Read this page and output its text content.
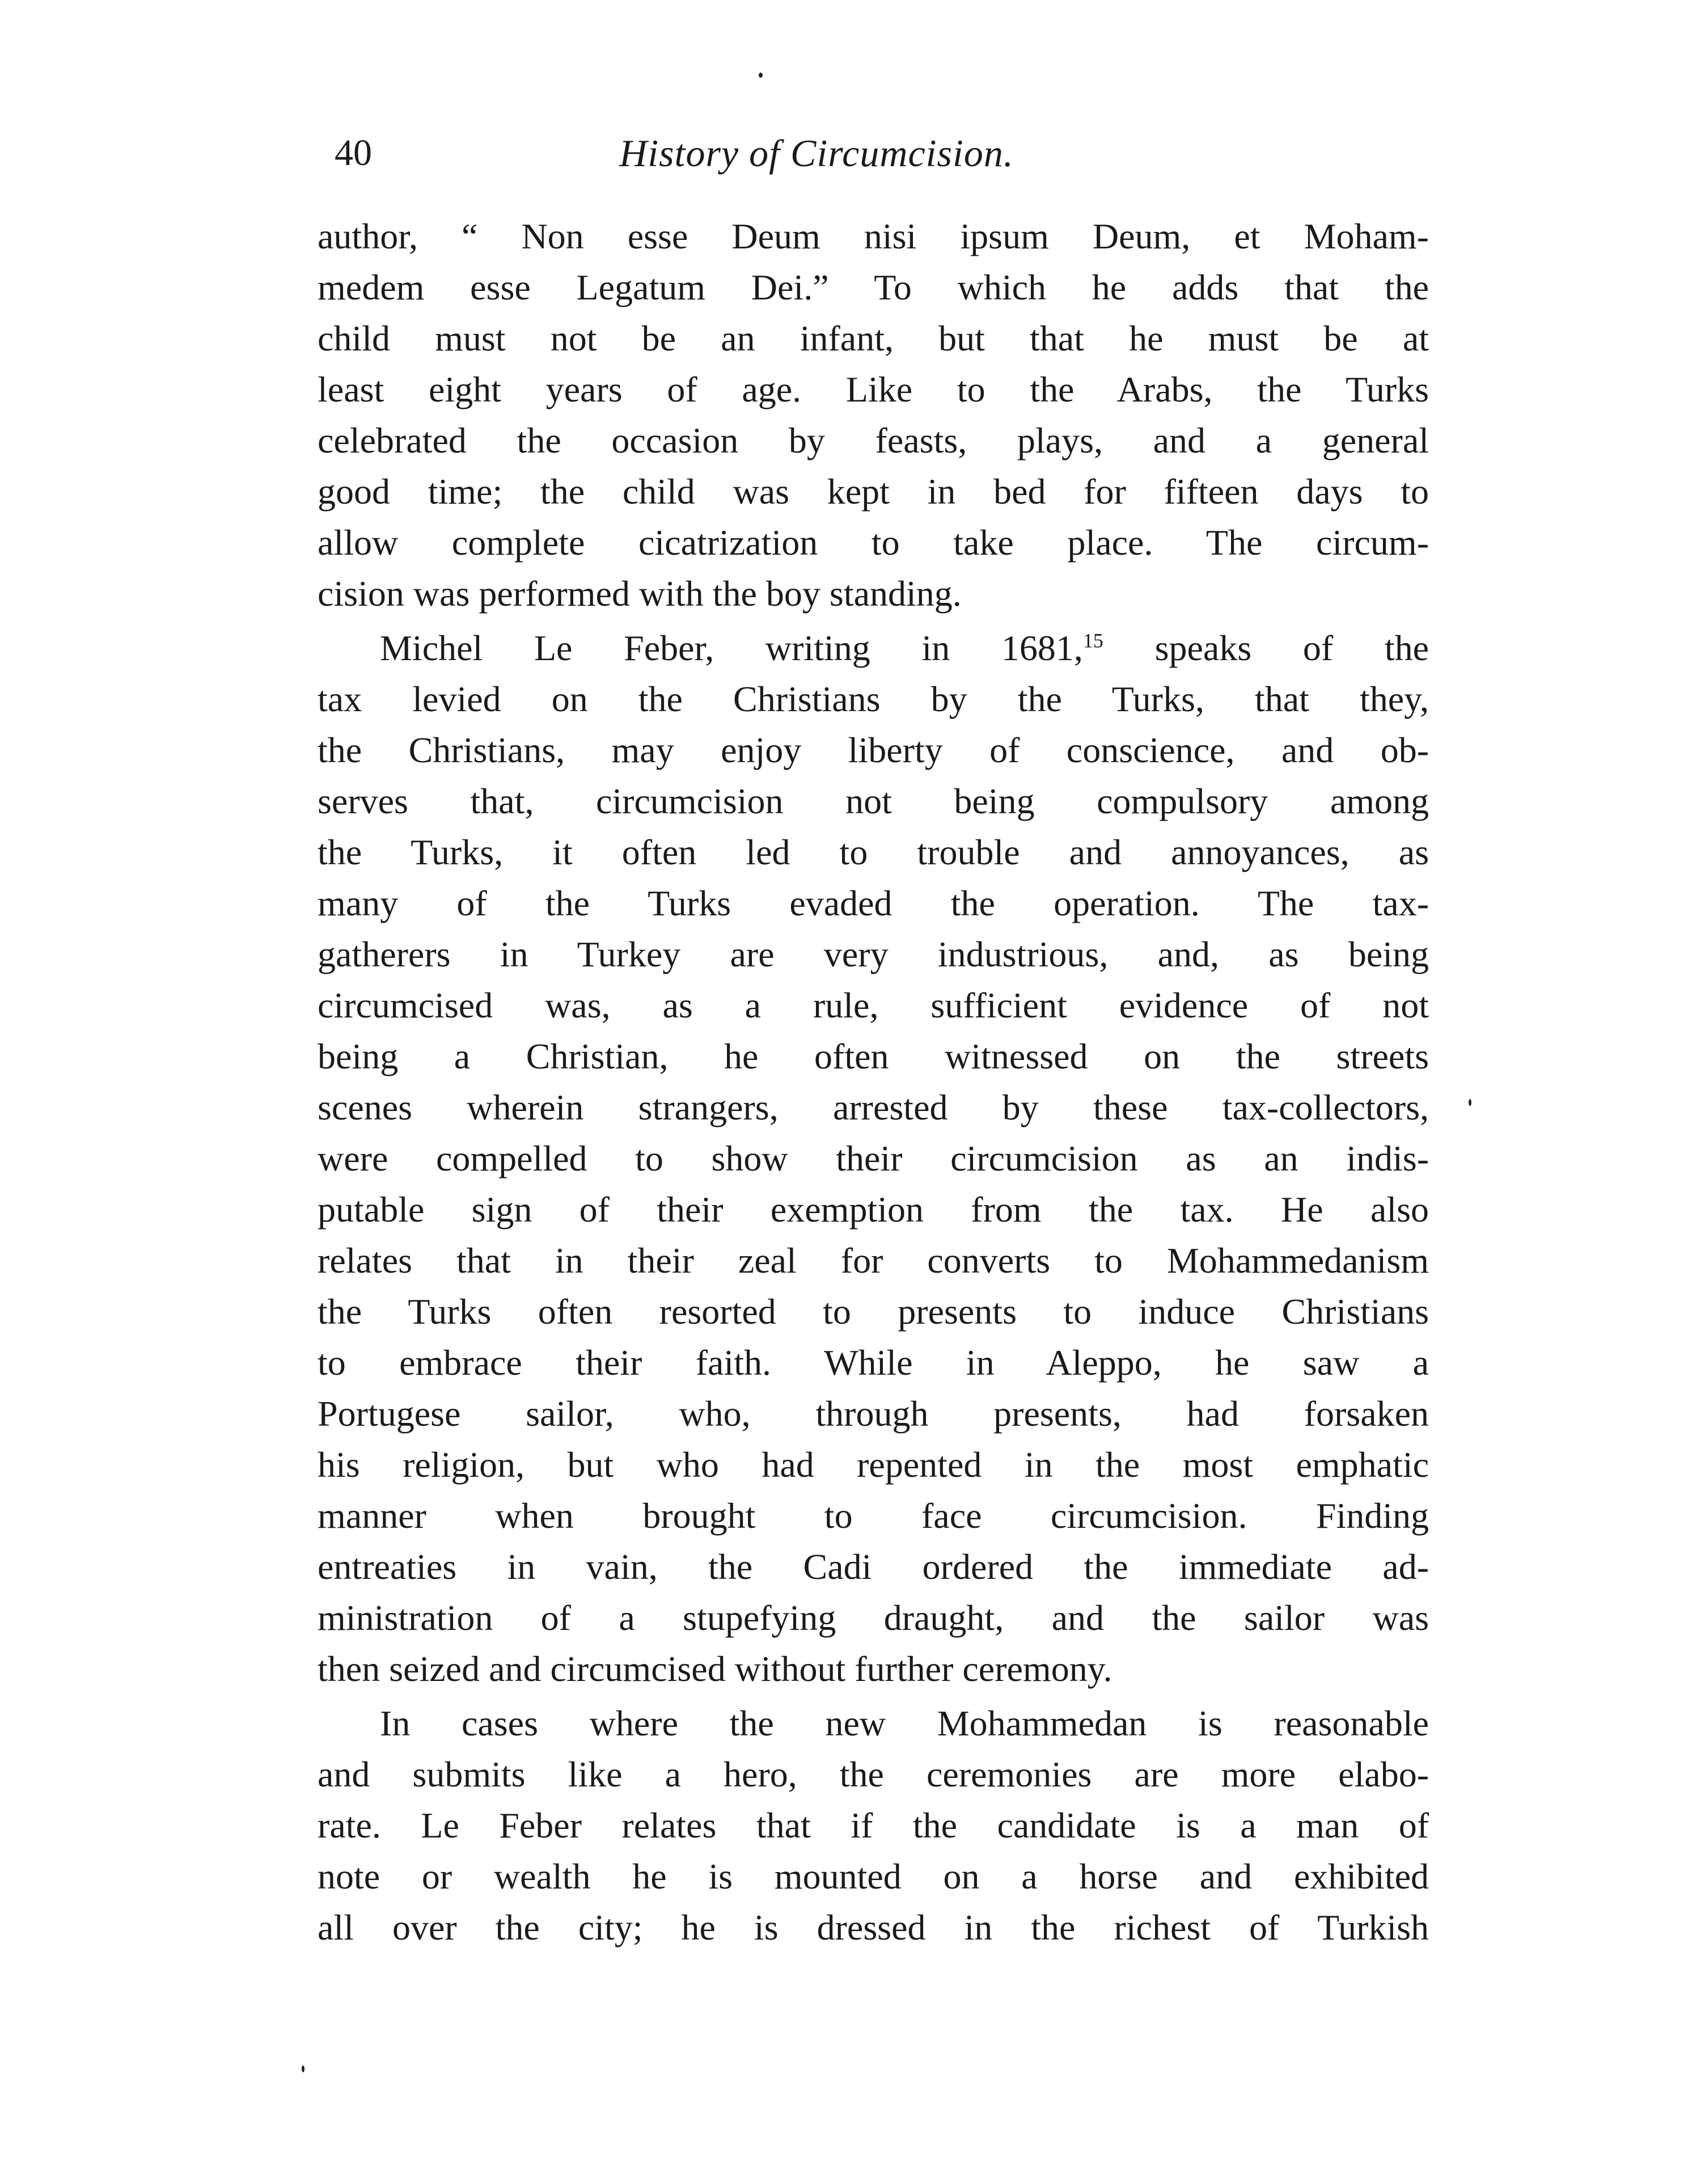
40	History of Circumcision.
author, “ Non esse Deum nisi ipsum Deum, et Moham-
medem esse Legatum Dei.” To which he adds that the
child must not be an infant, but that he must be at
least eight years of age. Like to the Arabs, the Turks
celebrated the occasion by feasts, plays, and a general
good time; the child was kept in bed for fifteen days to
allow complete cicatrization to take place. The circum-
cision was performed with the boy standing.
Michel Le Feber, writing in 1681,15 speaks of the
tax levied on the Christians by the Turks, that they,
the Christians, may enjoy liberty of conscience, and ob-
serves that, circumcision not being compulsory among
the Turks, it often led to trouble and annoyances, as
many of the Turks evaded the operation. The tax-
gatherers in Turkey are very industrious, and, as being
circumcised was, as a rule, sufficient evidence of not
being a Christian, he often witnessed on the streets
scenes wherein strangers, arrested by these tax-collectors,
were compelled to show their circumcision as an indis-
putable sign of their exemption from the tax. He also
relates that in their zeal for converts to Mohammedanism
the Turks often resorted to presents to induce Christians
to embrace their faith. While in Aleppo, he saw a
Portugese sailor, who, through presents, had forsaken
his religion, but who had repented in the most emphatic
manner when brought to face circumcision. Finding
entreaties in vain, the Cadi ordered the immediate ad-
ministration of a stupefying draught, and the sailor was
then seized and circumcised without further ceremony.
In cases where the new Mohammedan is reasonable
and submits like a hero, the ceremonies are more elabo-
rate. Le Feber relates that if the candidate is a man of
note or wealth he is mounted on a horse and exhibited
all over the city; he is dressed in the richest of Turkish
